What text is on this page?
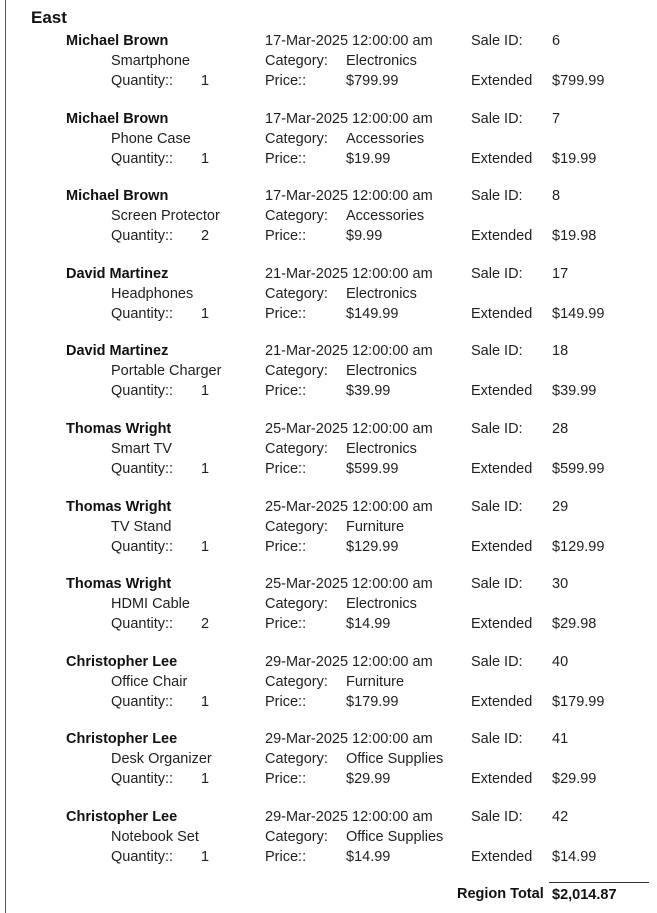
East
Michael Brown	17-Mar-2025 12:00:00 am	Sale ID: 6
Smartphone	Category: Electronics
Quantity:: 1	Price::	$799.99	Extended $799.99
Michael Brown	17-Mar-2025 12:00:00 am	Sale ID: 7
Phone Case	Category: Accessories
Quantity:: 1	Price::	$19.99	Extended $19.99
Michael Brown	17-Mar-2025 12:00:00 am	Sale ID: 8
Screen Protector	Category: Accessories
Quantity:: 2	Price::	$9.99	Extended $19.98
David Martinez	21-Mar-2025 12:00:00 am	Sale ID: 17
Headphones	Category: Electronics
Quantity:: 1	Price::	$149.99	Extended $149.99
David Martinez	21-Mar-2025 12:00:00 am	Sale ID: 18
Portable Charger	Category: Electronics
Quantity:: 1	Price::	$39.99	Extended $39.99
Thomas Wright	25-Mar-2025 12:00:00 am	Sale ID: 28
Smart TV	Category: Electronics
Quantity:: 1	Price::	$599.99	Extended $599.99
Thomas Wright	25-Mar-2025 12:00:00 am	Sale ID: 29
TV Stand	Category: Furniture
Quantity:: 1	Price::	$129.99	Extended $129.99
Thomas Wright	25-Mar-2025 12:00:00 am	Sale ID: 30
HDMI Cable	Category: Electronics
Quantity:: 2	Price::	$14.99	Extended $29.98
Christopher Lee	29-Mar-2025 12:00:00 am	Sale ID: 40
Office Chair	Category: Furniture
Quantity:: 1	Price::	$179.99	Extended $179.99
Christopher Lee	29-Mar-2025 12:00:00 am	Sale ID: 41
Desk Organizer	Category: Office Supplies
Quantity:: 1	Price::	$29.99	Extended $29.99
Christopher Lee	29-Mar-2025 12:00:00 am	Sale ID: 42
Notebook Set	Category: Office Supplies
Quantity:: 1	Price::	$14.99	Extended $14.99
Region Total $2,014.87
